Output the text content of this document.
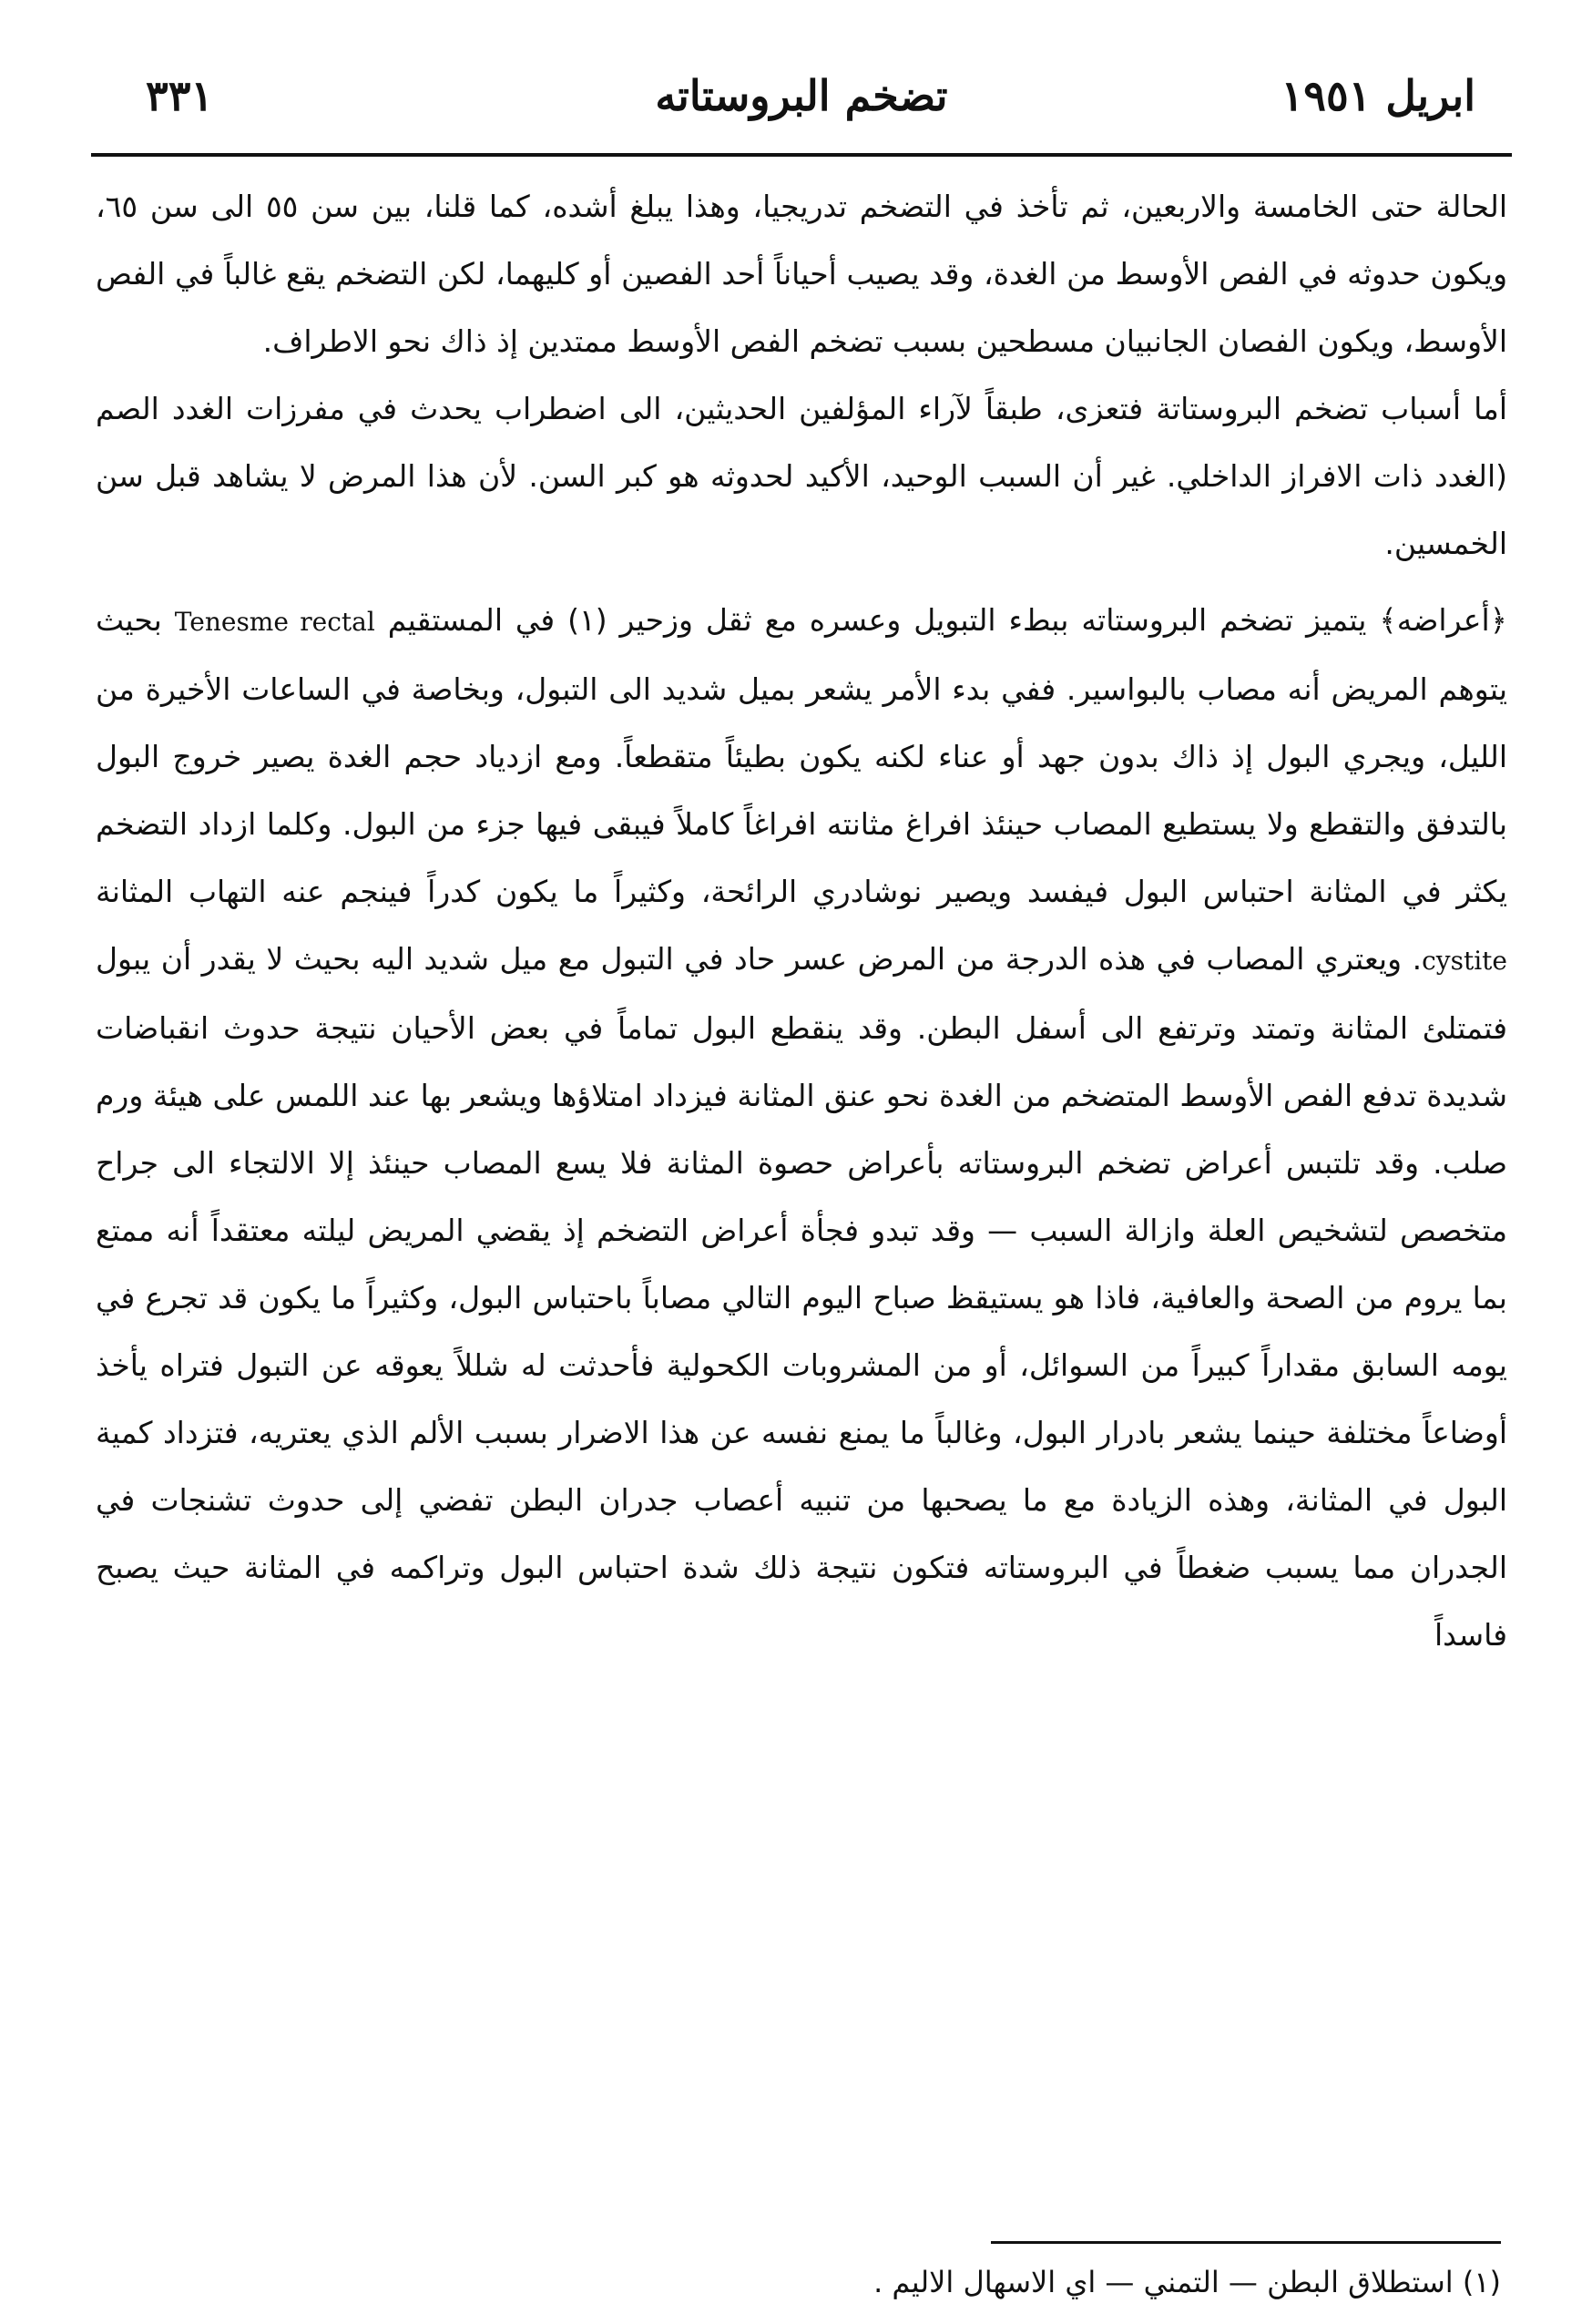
٣٣١	تضخم البروستاته	ابريل ١٩٥١

الحالة حتى الخامسة والاربعين، ثم تأخذ في التضخم تدريجيا، وهذا يبلغ أشده، كما قلنا، بين سن ٥٥ الى سن ٦٥، ويكون حدوثه في الفص الأوسط من الغدة، وقد يصيب أحياناً أحد الفصين أو كليهما، لكن التضخم يقع غالباً في الفص الأوسط، ويكون الفصان الجانبيان مسطحين بسبب تضخم الفص الأوسط ممتدين إذ ذاك نحو الاطراف.

أما أسباب تضخم البروستاتة فتعزى، طبقاً لآراء المؤلفين الحديثين، الى اضطراب يحدث في مفرزات الغدد الصم (الغدد ذات الافراز الداخلي. غير أن السبب الوحيد، الأكيد لحدوثه هو كبر السن. لأن هذا المرض لا يشاهد قبل سن الخمسين.

﴿أعراضه﴾ يتميز تضخم البروستاته ببطء التبويل وعسره مع ثقل وزحير (١) في المستقيم Tenesme rectal بحيث يتوهم المريض أنه مصاب بالبواسير. ففي بدء الأمر يشعر بميل شديد الى التبول، وبخاصة في الساعات الأخيرة من الليل، ويجري البول إذ ذاك بدون جهد أو عناء لكنه يكون بطيئاً متقطعاً. ومع ازدياد حجم الغدة يصير خروج البول بالتدفق والتقطع ولا يستطيع المصاب حينئذ افراغ مثانته افراغاً كاملاً فيبقى فيها جزء من البول. وكلما ازداد التضخم يكثر في المثانة احتباس البول فيفسد ويصير نوشادري الرائحة، وكثيراً ما يكون كدراً فينجم عنه التهاب المثانة cystite. ويعتري المصاب في هذه الدرجة من المرض عسر حاد في التبول مع ميل شديد اليه بحيث لا يقدر أن يبول فتمتلئ المثانة وتمتد وترتفع الى أسفل البطن. وقد ينقطع البول تماماً في بعض الأحيان نتيجة حدوث انقباضات شديدة تدفع الفص الأوسط المتضخم من الغدة نحو عنق المثانة فيزداد امتلاؤها ويشعر بها عند اللمس على هيئة ورم صلب. وقد تلتبس أعراض تضخم البروستاته بأعراض حصوة المثانة فلا يسع المصاب حينئذ إلا الالتجاء الى جراح متخصص لتشخيص العلة وازالة السبب — وقد تبدو فجأة أعراض التضخم إذ يقضي المريض ليلته معتقداً أنه ممتع بما يروم من الصحة والعافية، فاذا هو يستيقظ صباح اليوم التالي مصاباً باحتباس البول، وكثيراً ما يكون قد تجرع في يومه السابق مقداراً كبيراً من السوائل، أو من المشروبات الكحولية فأحدثت له شللاً يعوقه عن التبول فتراه يأخذ أوضاعاً مختلفة حينما يشعر بادرار البول، وغالباً ما يمنع نفسه عن هذا الاضرار بسبب الألم الذي يعتريه، فتزداد كمية البول في المثانة، وهذه الزيادة مع ما يصحبها من تنبيه أعصاب جدران البطن تفضي إلى حدوث تشنجات في الجدران مما يسبب ضغطاً في البروستاته فتكون نتيجة ذلك شدة احتباس البول وتراكمه في المثانة حيث يصبح فاسداً

(١) استطلاق البطن — التمني — اي الاسهال الاليم .
